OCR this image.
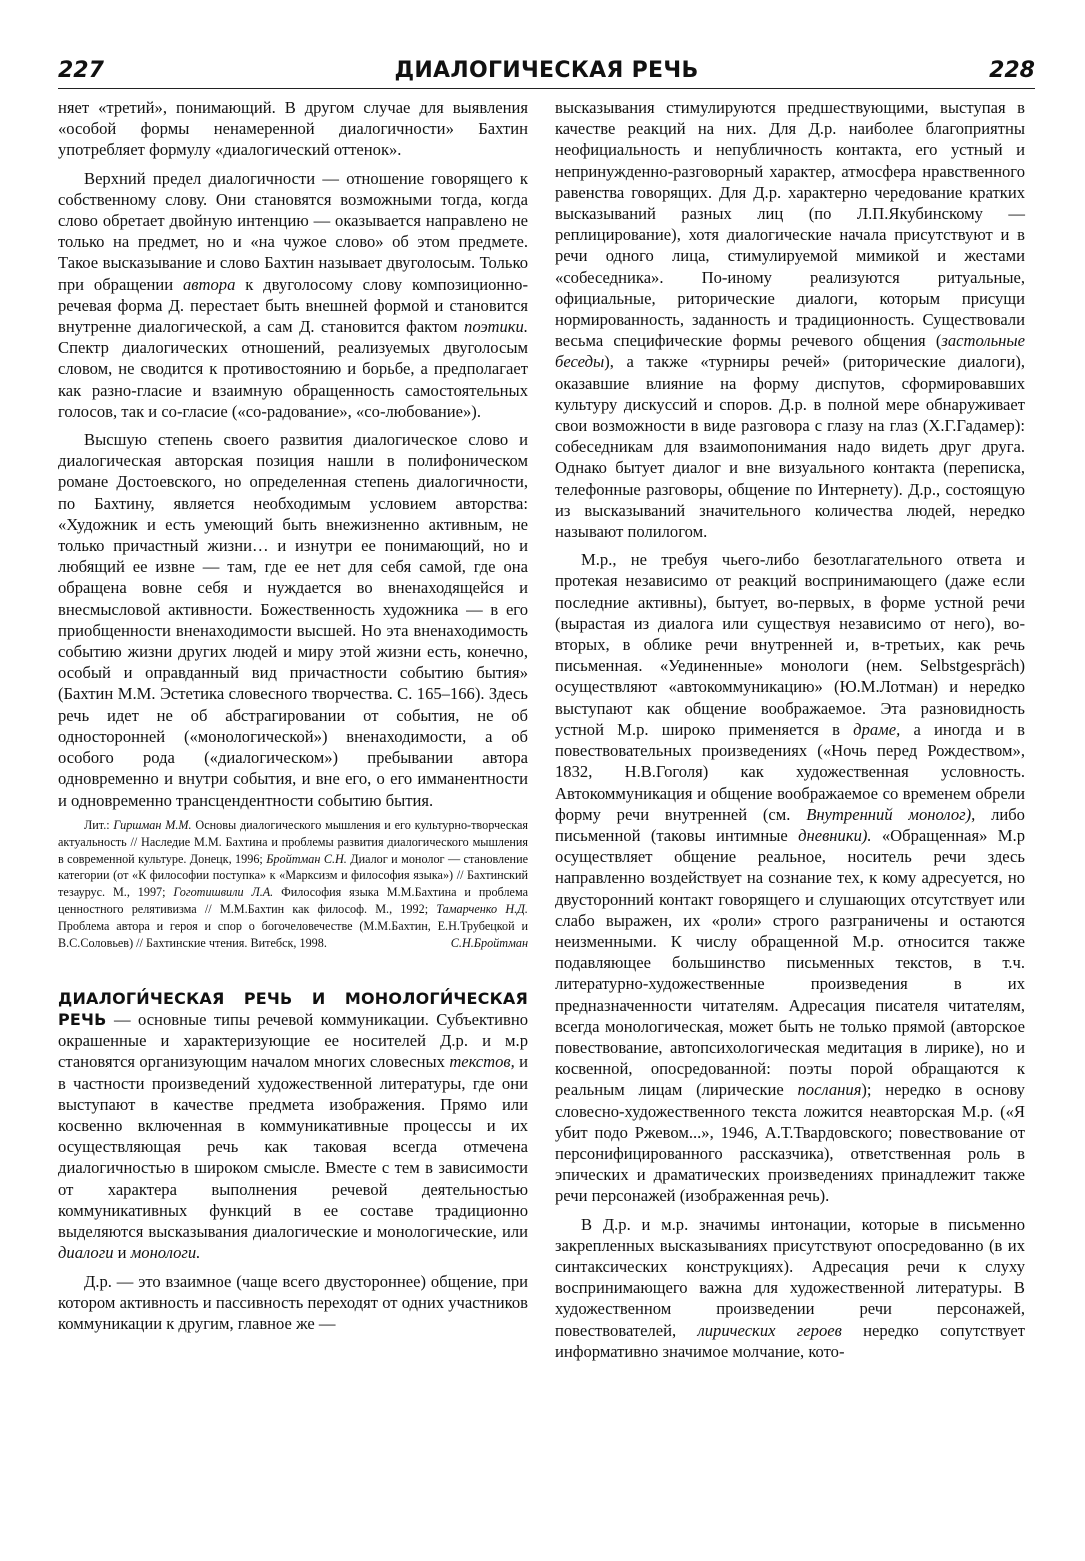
227	ДИАЛОГИЧЕСКАЯ РЕЧЬ	228

няет «третий», понимающий. В другом случае для выявления «особой формы ненамеренной диалогичности» Бахтин употребляет формулу «диалогический оттенок».

Верхний предел диалогичности — отношение говорящего к собственному слову. Они становятся возможными тогда, когда слово обретает двойную интенцию — оказывается направлено не только на предмет, но и «на чужое слово» об этом предмете. Такое высказывание и слово Бахтин называет двуголосым. Только при обращении автора к двуголосому слову композиционно-речевая форма Д. перестает быть внешней формой и становится внутренне диалогической, а сам Д. становится фактом поэтики. Спектр диалогических отношений, реализуемых двуголосым словом, не сводится к противостоянию и борьбе, а предполагает как разно-гласие и взаимную обращенность самостоятельных голосов, так и со-гласие («со-радование», «со-любование»).

Высшую степень своего развития диалогическое слово и диалогическая авторская позиция нашли в полифоническом романе Достоевского, но определенная степень диалогичности, по Бахтину, является необходимым условием авторства: «Художник и есть умеющий быть внежизненно активным, не только причастный жизни… и изнутри ее понимающий, но и любящий ее извне — там, где ее нет для себя самой, где она обращена вовне себя и нуждается во вненаходящейся и внесмысловой активности. Божественность художника — в его приобщенности вненаходимости высшей. Но эта вненаходимость событию жизни других людей и миру этой жизни есть, конечно, особый и оправданный вид причастности событию бытия» (Бахтин М.М. Эстетика словесного творчества. С. 165–166). Здесь речь идет не об абстрагировании от события, не об односторонней («монологической») вненаходимости, а об особого рода («диалогическом») пребывании автора одновременно и внутри события, и вне его, о его имманентности и одновременно трансцендентности событию бытия.

Лит.: Гиршман М.М. Основы диалогического мышления и его культурно-творческая актуальность // Наследие М.М. Бахтина и проблемы развития диалогического мышления в современной культуре. Донецк, 1996; Бройтман С.Н. Диалог и монолог — становление категории (от «К философии поступка» к «Марксизм и философия языка») // Бахтинский тезаурус. М., 1997; Гоготишвили Л.А. Философия языка М.М.Бахтина и проблема ценностного релятивизма // М.М.Бахтин как философ. М., 1992; Тамарченко Н.Д. Проблема автора и героя и спор о богочеловечестве (М.М.Бахтин, Е.Н.Трубецкой и В.С.Соловьев) // Бахтинские чтения. Витебск, 1998.	С.Н.Бройтман

ДИАЛОГИ́ЧЕСКАЯ РЕЧЬ И МОНОЛОГИ́ЧЕСКАЯ РЕЧЬ — основные типы речевой коммуникации. Субъективно окрашенные и характеризующие ее носителей Д.р. и м.р становятся организующим началом многих словесных текстов, и в частности произведений художественной литературы, где они выступают в качестве предмета изображения. Прямо или косвенно включенная в коммуникативные процессы и их осуществляющая речь как таковая всегда отмечена диалогичностью в широком смысле. Вместе с тем в зависимости от характера выполнения речевой деятельностью коммуникативных функций в ее составе традиционно выделяются высказывания диалогические и монологические, или диалоги и монологи.

Д.р. — это взаимное (чаще всего двустороннее) общение, при котором активность и пассивность переходят от одних участников коммуникации к другим, главное же —

высказывания стимулируются предшествующими, выступая в качестве реакций на них. Для Д.р. наиболее благоприятны неофициальность и непубличность контакта, его устный и непринужденно-разговорный характер, атмосфера нравственного равенства говорящих. Для Д.р. характерно чередование кратких высказываний разных лиц (по Л.П.Якубинскому — реплицирование), хотя диалогические начала присутствуют и в речи одного лица, стимулируемой мимикой и жестами «собеседника». По-иному реализуются ритуальные, официальные, риторические диалоги, которым присущи нормированность, заданность и традиционность. Существовали весьма специфические формы речевого общения (застольные беседы), а также «турниры речей» (риторические диалоги), оказавшие влияние на форму диспутов, сформировавших культуру дискуссий и споров. Д.р. в полной мере обнаруживает свои возможности в виде разговора с глазу на глаз (Х.Г.Гадамер): собеседникам для взаимопонимания надо видеть друг друга. Однако бытует диалог и вне визуального контакта (переписка, телефонные разговоры, общение по Интернету). Д.р., состоящую из высказываний значительного количества людей, нередко называют полилогом.

М.р., не требуя чьего-либо безотлагательного ответа и протекая независимо от реакций воспринимающего (даже если последние активны), бытует, во-первых, в форме устной речи (вырастая из диалога или существуя независимо от него), во-вторых, в облике речи внутренней и, в-третьих, как речь письменная. «Уединенные» монологи (нем. Selbstgespräch) осуществляют «автокоммуникацию» (Ю.М.Лотман) и нередко выступают как общение воображаемое. Эта разновидность устной М.р. широко применяется в драме, а иногда и в повествовательных произведениях («Ночь перед Рождеством», 1832, Н.В.Гоголя) как художественная условность. Автокоммуникация и общение воображаемое со временем обрели форму речи внутренней (см. Внутренний монолог), либо письменной (таковы интимные дневники). «Обращенная» М.р осуществляет общение реальное, носитель речи здесь направленно воздействует на сознание тех, к кому адресуется, но двусторонний контакт говорящего и слушающих отсутствует или слабо выражен, их «роли» строго разграничены и остаются неизменными. К числу обращенной М.р. относится также подавляющее большинство письменных текстов, в т.ч. литературно-художественные произведения в их предназначенности читателям. Адресация писателя читателям, всегда монологическая, может быть не только прямой (авторское повествование, автопсихологическая медитация в лирике), но и косвенной, опосредованной: поэты порой обращаются к реальным лицам (лирические послания); нередко в основу словесно-художественного текста ложится неавторская М.р. («Я убит подо Ржевом...», 1946, А.Т.Твардовского; повествование от персонифицированного рассказчика), ответственная роль в эпических и драматических произведениях принадлежит также речи персонажей (изображенная речь).

В Д.р. и м.р. значимы интонации, которые в письменно закрепленных высказываниях присутствуют опосредованно (в их синтаксических конструкциях). Адресация речи к слуху воспринимающего важна для художественной литературы. В художественном произведении речи персонажей, повествователей, лирических героев нередко сопутствует информативно значимое молчание, кото-
